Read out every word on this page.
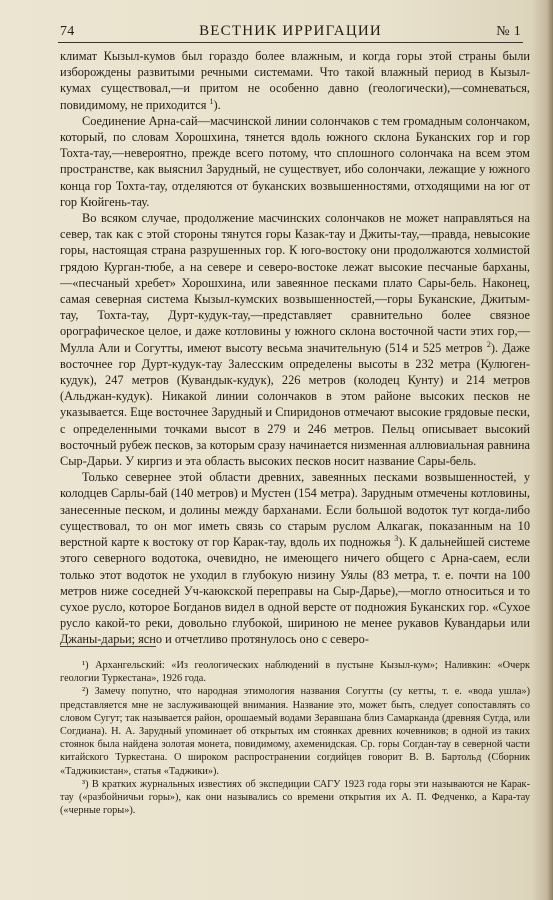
74	ВЕСТНИК ИРРИГАЦИИ	№ 1

климат Кызыл-кумов был гораздо более влажным, и когда горы этой страны были изборождены развитыми речными системами. Что такой влажный период в Кызыл-кумах существовал,—и притом не особенно давно (геологически),—сомневаться, повидимому, не приходится $^1$).

Соединение Арна-сай—масчинской линии солончаков с тем громадным солончаком, который, по словам Хорошхина, тянется вдоль южного склона Буканских гор и гор Тохта-тау,—невероятно, прежде всего потому, что сплошного солончака на всем этом пространстве, как выяснил Зарудный, не существует, ибо солончаки, лежащие у южного конца гор Тохта-тау, отделяются от буканских возвышенностями, отходящими на юг от гор Кюйгень-тау.

Во всяком случае, продолжение масчинских солончаков не может направляться на север, так как с этой стороны тянутся горы Казак-тау и Джиты-тау,—правда, невысокие горы, настоящая страна разрушенных гор. К юго-востоку они продолжаются холмистой грядою Курган-тюбе, а на севере и северо-востоке лежат высокие песчаные барханы,—«песчаный хребет» Хорошхина, или завеянное песками плато Сары-бель. Наконец, самая северная система Кызыл-кумских возвышенностей,—горы Буканские, Джитым-тау, Тохта-тау, Дурт-кудук-тау,—представляет сравнительно более связное орографическое целое, и даже котловины у южного склона восточной части этих гор,—Мулла Али и Согутты, имеют высоту весьма значительную (514 и 525 метров $^2$). Даже восточнее гор Дурт-кудук-тау Залесским определены высоты в 232 метра (Кулюген-кудук), 247 метров (Кувандык-кудук), 226 метров (колодец Кунту) и 214 метров (Альджан-кудук). Никакой линии солончаков в этом районе высоких песков не указывается. Еще восточнее Зарудный и Спиридонов отмечают высокие грядовые пески, с определенными точками высот в 279 и 246 метров. Пельц описывает высокий восточный рубеж песков, за которым сразу начинается низменная аллювиальная равнина Сыр-Дарьи. У киргиз и эта область высоких песков носит название Сары-бель.

Только севернее этой области древних, завеянных песками возвышенностей, у колодцев Сарлы-бай (140 метров) и Мустен (154 метра). Зарудным отмечены котловины, занесенные песком, и долины между барханами. Если большой водоток тут когда-либо существовал, то он мог иметь связь со старым руслом Алкагак, показанным на 10 верстной карте к востоку от гор Карак-тау, вдоль их подножья $^3$). К дальнейшей системе этого северного водотока, очевидно, не имеющего ничего общего с Арна-саем, если только этот водоток не уходил в глубокую низину Уялы (83 метра, т. е. почти на 100 метров ниже соседней Уч-каюкской переправы на Сыр-Дарье),—могло относиться и то сухое русло, которое Богданов видел в одной версте от подножия Буканских гор. «Сухое русло какой-то реки, довольно глубокой, шириною не менее рукавов Кувандарьи или Джаны-дарьи; ясно и отчетливо протянулось оно с северо-

¹) Архангельский: «Из геологических наблюдений в пустыне Кызыл-кум»; Наливкин: «Очерк геологии Туркестана», 1926 года.

²) Замечу попутно, что народная этимология названия Согутты (су кетты, т. е. «вода ушла») представляется мне не заслуживающей внимания. Название это, может быть, следует сопоставлять со словом Сугут; так называется район, орошаемый водами Зеравшана близ Самарканда (древняя Сугда, или Согдиана). Н. А. Зарудный упоминает об открытых им стоянках древних кочевников; в одной из таких стоянок была найдена золотая монета, повидимому, ахеменидская. Ср. горы Согдан-тау в северной части китайского Туркестана. О широком распространении согдийцев говорит В. В. Бартольд (Сборник «Таджикистан», статья «Таджики»).

³) В кратких журнальных известиях об экспедиции САГУ 1923 года горы эти называются не Карак-тау («разбойничьи горы»), как они назывались со времени открытия их А. П. Федченко, а Кара-тау («черные горы»).
